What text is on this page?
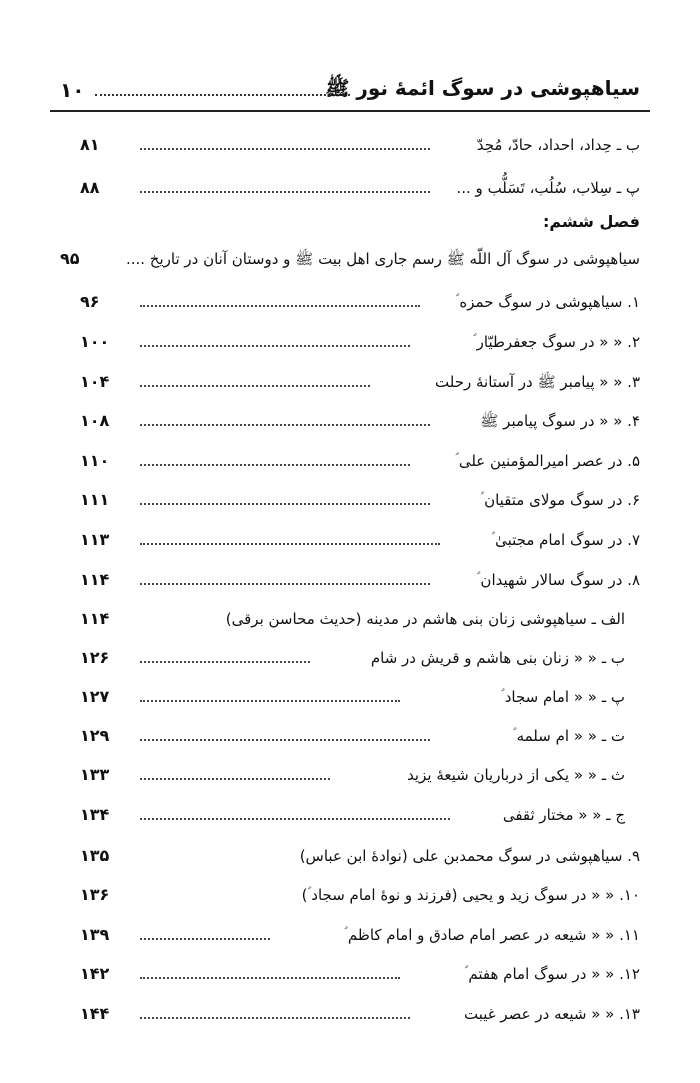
۱۰	سیاهپوشی در سوگ ائمهٔ نور ﷺ
۸۱	ب ـ حِداد، احداد، حادّ، مُحِدّ
۸۸	پ ـ سِلاب، سُلُب، تَسَلُّب و ...
فصل ششم:
۹۵	سیاهپوشی در سوگ آل اللّه ﷺ رسم جاری اهل بیت ﷺ و دوستان آنان در تاریخ ....
۹۶	۱. سیاهپوشی در سوگ حمزه ؑ
۱۰۰	۲. « « در سوگ جعفرطیّار ؑ
۱۰۴	۳. « « پیامبر ﷺ در آستانهٔ رحلت
۱۰۸	۴. « « در سوگ پیامبر ﷺ
۱۱۰	۵. در عصر امیرالمؤمنین علی ؑ
۱۱۱	۶. در سوگ مولای متقیان ؑ
۱۱۳	۷. در سوگ امام مجتبیٰ ؑ
۱۱۴	۸. در سوگ سالار شهیدان ؑ
۱۱۴	الف ـ سیاهپوشی زنان بنی هاشم در مدینه (حدیث محاسن برقی)
۱۲۶	ب ـ « « زنان بنی هاشم و قریش در شام
۱۲۷	پ ـ « « امام سجاد ؑ
۱۲۹	ت ـ « « ام سلمه ؑ
۱۳۳	ث ـ « « یکی از درباریان شیعهٔ یزید
۱۳۴	ج ـ « « مختار ثقفی
۱۳۵	۹. سیاهپوشی در سوگ محمدبن علی (نوادهٔ ابن عباس)
۱۳۶	۱۰. « « در سوگ زید و یحیی (فرزند و نوهٔ امام سجاد ؑ)
۱۳۹	۱۱. « « شیعه در عصر امام صادق و امام کاظم ؑ
۱۴۲	۱۲. « « در سوگ امام هفتم ؑ
۱۴۴	۱۳. « « شیعه در عصر غیبت
